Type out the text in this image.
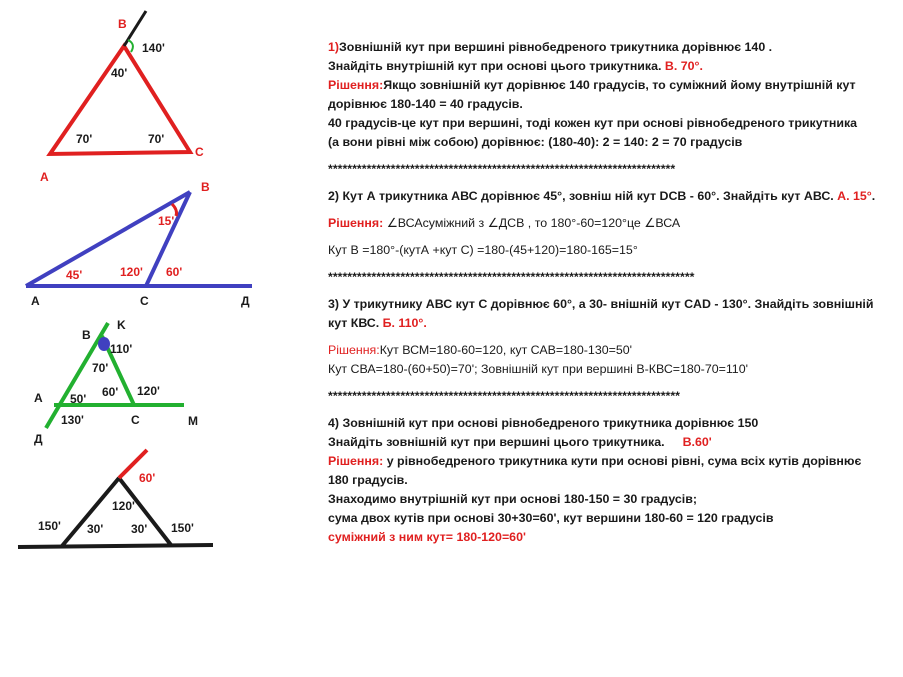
B
A
C
140'
40'
70'	70'
B
15'
45'	120' 60'
A	C	Д
B
K
110'
70'
60' 120'
50'
130'
A
C	M
Д
60'
120'
150' 30' 30' 150'
1)Зовнішній кут при вершині рівнобедреного трикутника дорівнює 140 .
Знайдіть внутрішній кут при основі цього трикутника. В. 70°.
Рішення:Якщо зовнішній кут дорівнює 140 градусів, то суміжний йому внутрішній кут
дорівнює 180-140 = 40 градусів.
40 градусів-це кут при вершині, тоді кожен кут при основі рівнобедреного трикутника
(а вони рівні між собою) дорівнює: (180-40): 2 = 140: 2 = 70 градусів
************************************************************************
2) Кут А трикутника АВС дорівнює 45°, зовніш ній кут DCB - 60°. Знайдіть кут АВС. А. 15°.
Рішення: ∠ВСАсуміжний з ∠ДСВ , то 180°-60=120°це ∠ВСА
Кут В =180°-(кутА +кут С) =180-(45+120)=180-165=15°
****************************************************************************
3) У трикутнику АВС кут С дорівнює 60°, а 30- внішній кут CAD - 130°. Знайдіть зовнішній
кут КВС. Б. 110°.
Рішення:Кут ВСМ=180-60=120, кут САВ=180-130=50'
Кут СВА=180-(60+50)=70'; Зовнішній кут при вершині В-КВС=180-70=110'
*************************************************************************
4) Зовнішній кут при основі рівнобедреного трикутника дорівнює 150
Знайдіть зовнішній кут при вершині цього трикутника. В.60'
Рішення: у рівнобедреного трикутника кути при основі рівні, сума всіх кутів дорівнює
180 градусів.
Знаходимо внутрішній кут при основі 180-150 = 30 градусів;
сума двох кутів при основі 30+30=60', кут вершини 180-60 = 120 градусів
суміжний з ним кут= 180-120=60'
